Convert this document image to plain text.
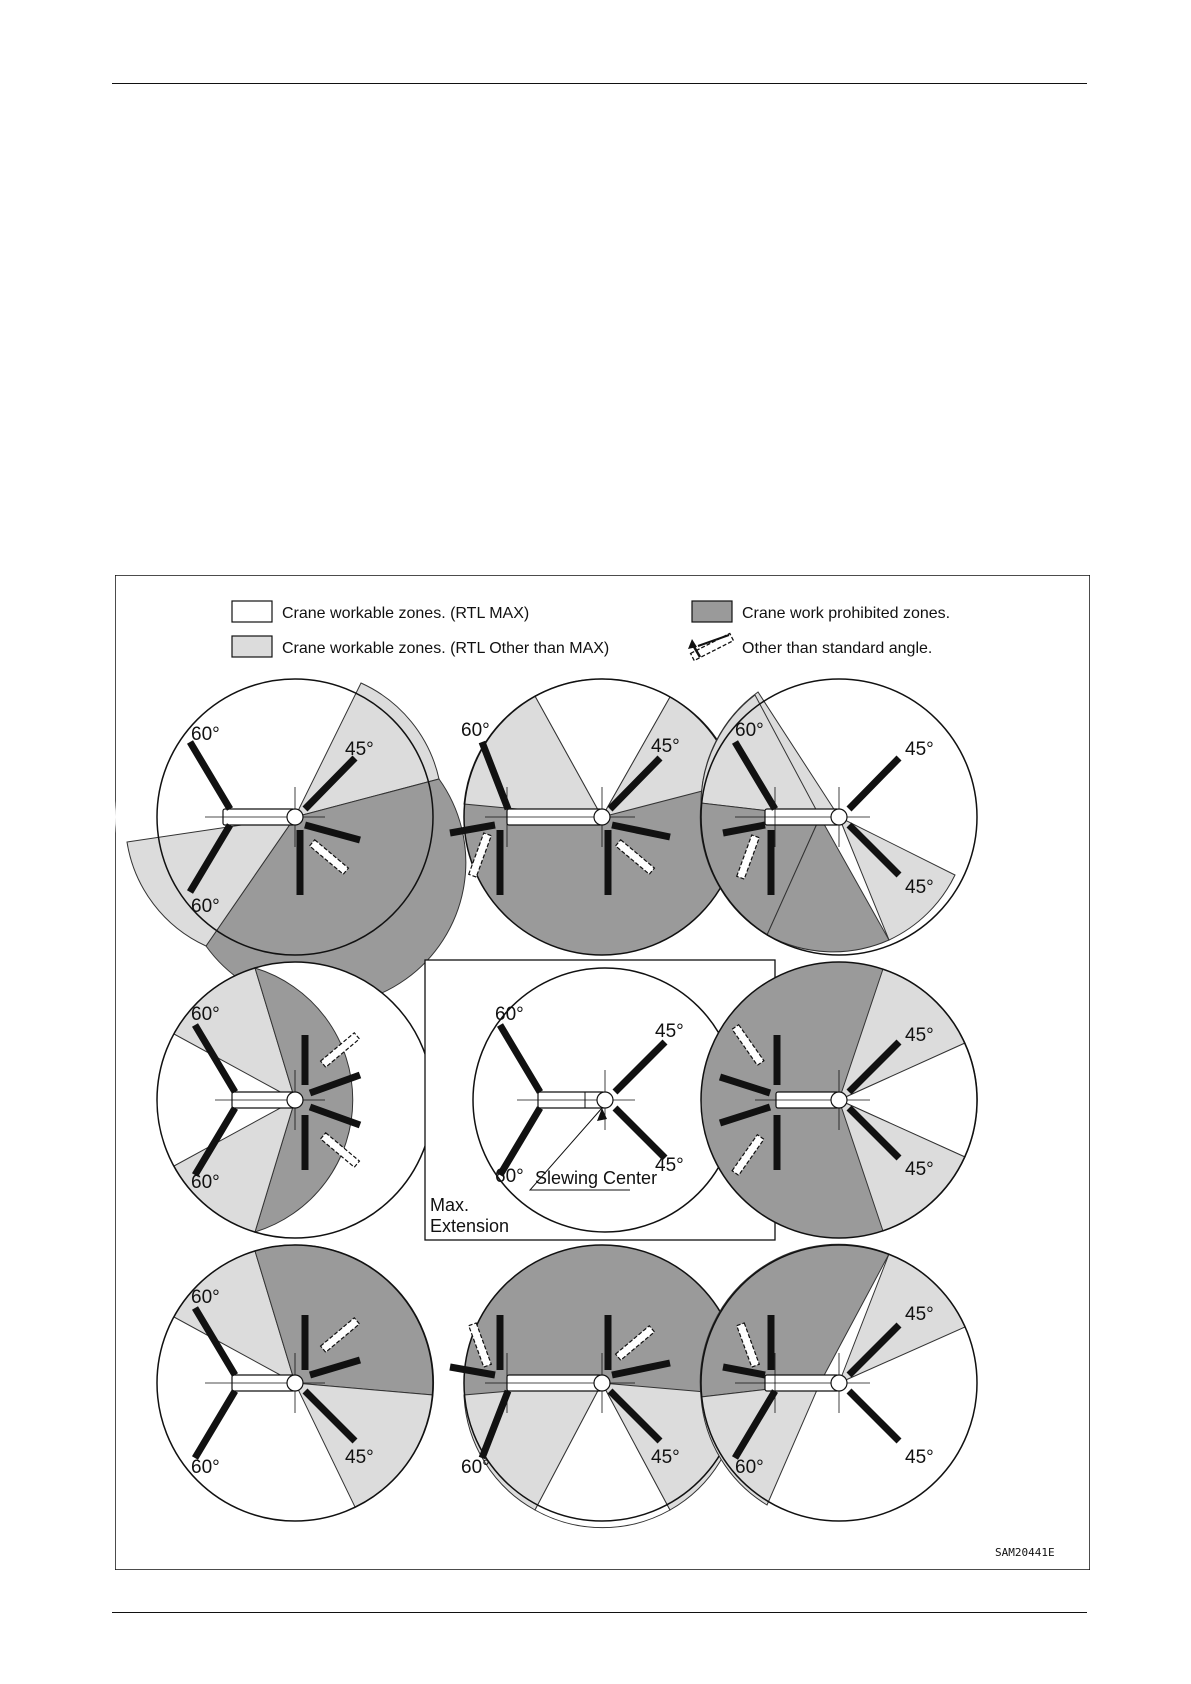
Crane workable zones. (RTL MAX)
Crane workable zones. (RTL Other than MAX)
Crane work prohibited zones.
Other than standard angle.
60°
45°
60°
60°
45°
60°
45°
45°
60°
60°
60°
45°
60°
45°
Slewing Center
Max.
Extension
45°
45°
60°
45°
60°	60°	45°
45°
60°	45°
SAM20441E
